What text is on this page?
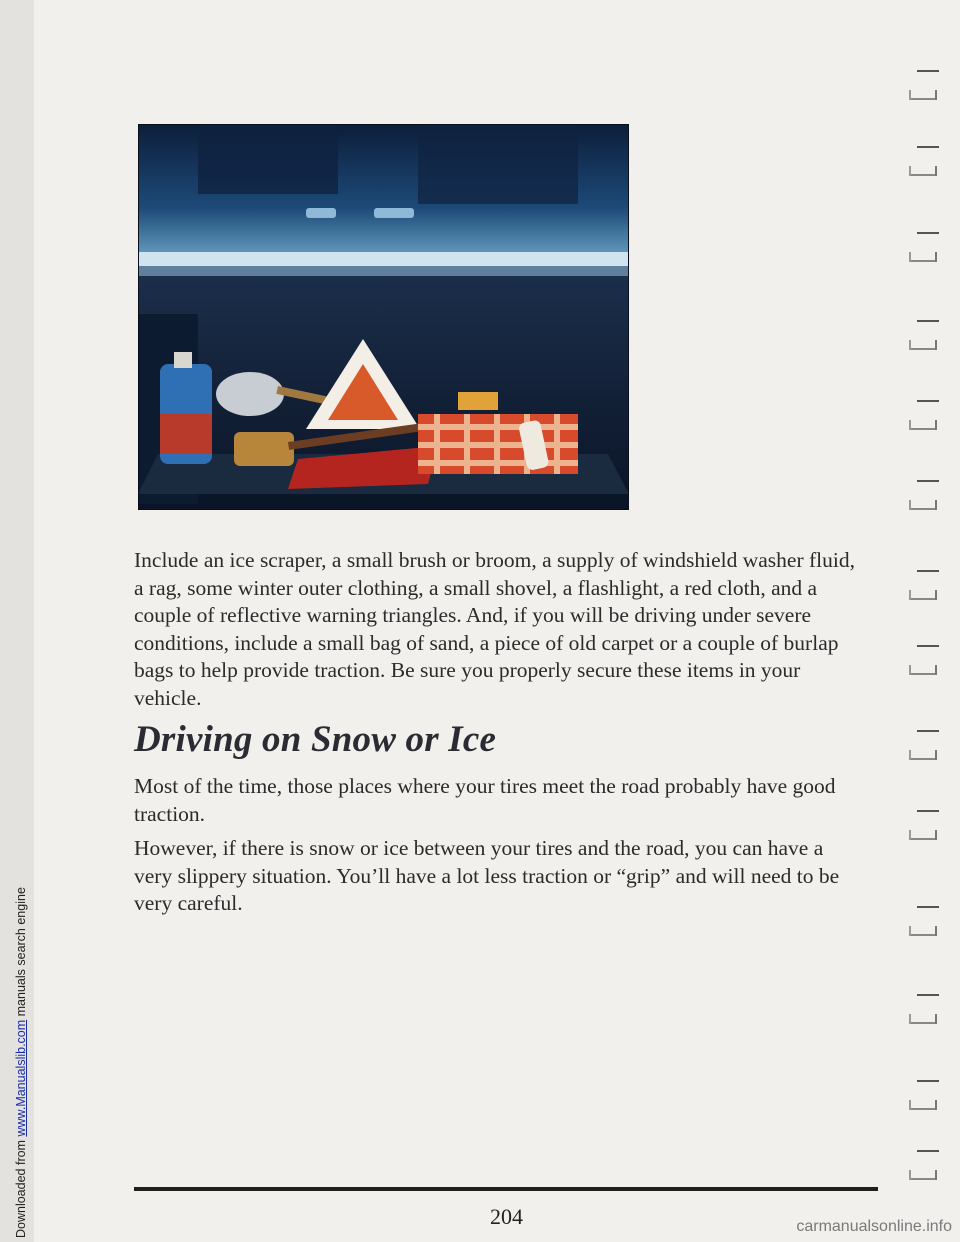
Downloaded from www.Manualslib.com manuals search engine

Include an ice scraper, a small brush or broom, a supply of windshield washer fluid, a rag, some winter outer clothing, a small shovel, a flashlight, a red cloth, and a couple of reflective warning triangles. And, if you will be driving under severe conditions, include a small bag of sand, a piece of old carpet or a couple of burlap bags to help provide traction. Be sure you properly secure these items in your vehicle.

Driving on Snow or Ice

Most of the time, those places where your tires meet the road probably have good traction.

However, if there is snow or ice between your tires and the road, you can have a very slippery situation. You’ll have a lot less traction or “grip” and will need to be very careful.

204	carmanualsonline.info
